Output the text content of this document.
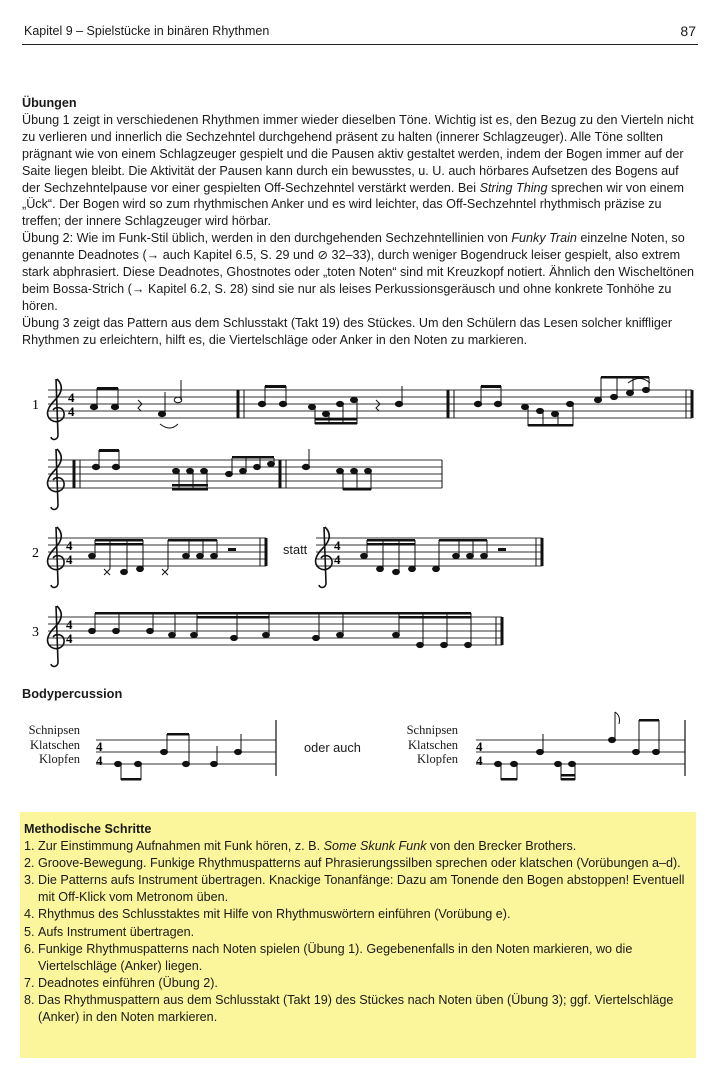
Kapitel 9 – Spielstücke in binären Rhythmen	87

Übungen

Übung 1 zeigt in verschiedenen Rhythmen immer wieder dieselben Töne. Wichtig ist es, den Bezug zu den Vierteln nicht zu verlieren und innerlich die Sechzehntel durchgehend präsent zu halten (innerer Schlagzeuger). Alle Töne sollten prägnant wie von einem Schlagzeuger gespielt und die Pausen aktiv gestaltet werden, indem der Bogen immer auf der Saite liegen bleibt. Die Aktivität der Pausen kann durch ein bewusstes, u. U. auch hörbares Aufsetzen des Bogens auf der Sechzehntelpause vor einer gespielten Off-Sechzehntel verstärkt werden. Bei String Thing sprechen wir von einem „Ück“. Der Bogen wird so zum rhythmischen Anker und es wird leichter, das Off-Sechzehntel rhythmisch präzise zu treffen; der innere Schlagzeuger wird hörbar.

Übung 2: Wie im Funk-Stil üblich, werden in den durchgehenden Sechzehntellinien von Funky Train einzelne Noten, so genannte Deadnotes (→ auch Kapitel 6.5, S. 29 und ⊘ 32–33), durch weniger Bogendruck leiser gespielt, also extrem stark abphrasiert. Diese Deadnotes, Ghostnotes oder „toten Noten“ sind mit Kreuzkopf notiert. Ähnlich den Wischeltönen beim Bossa-Strich (→ Kapitel 6.2, S. 28) sind sie nur als leises Perkussionsgeräusch und ohne konkrete Tonhöhe zu hören.

Übung 3 zeigt das Pattern aus dem Schlusstakt (Takt 19) des Stückes. Um den Schülern das Lesen solcher kniffliger Rhythmen zu erleichtern, hilft es, die Viertelschläge oder Anker in den Noten zu markieren.

4
4
1
4
4
2
4
4
4
4
3
4
4
4
4
statt
Bodypercussion
Schnipsen
Klatschen
Klopfen
oder auch
Schnipsen
Klatschen
Klopfen
Methodische Schritte
1. Zur Einstimmung Aufnahmen mit Funk hören, z. B. Some Skunk Funk von den Brecker Brothers.
2. Groove-Bewegung. Funkige Rhythmuspatterns auf Phrasierungssilben sprechen oder klatschen (Vorübungen a–d).
3. Die Patterns aufs Instrument übertragen. Knackige Tonanfänge: Dazu am Tonende den Bogen abstoppen! Eventuell mit Off-Klick vom Metronom üben.
4. Rhythmus des Schlusstaktes mit Hilfe von Rhythmuswörtern einführen (Vorübung e).
5. Aufs Instrument übertragen.
6. Funkige Rhythmuspatterns nach Noten spielen (Übung 1). Gegebenenfalls in den Noten markieren, wo die Viertelschläge (Anker) liegen.
7. Deadnotes einführen (Übung 2).
8. Das Rhythmuspattern aus dem Schlusstakt (Takt 19) des Stückes nach Noten üben (Übung 3); ggf. Viertelschläge (Anker) in den Noten markieren.
